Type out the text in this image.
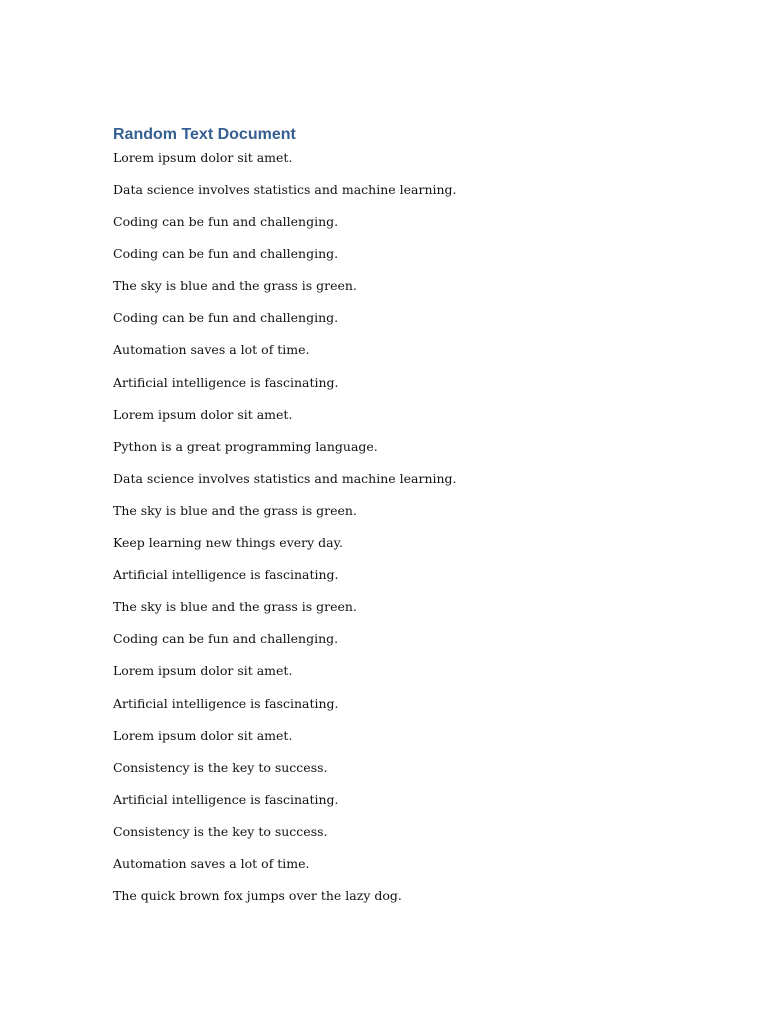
Random Text Document

Lorem ipsum dolor sit amet.

Data science involves statistics and machine learning.

Coding can be fun and challenging.

Coding can be fun and challenging.

The sky is blue and the grass is green.

Coding can be fun and challenging.

Automation saves a lot of time.

Artificial intelligence is fascinating.

Lorem ipsum dolor sit amet.

Python is a great programming language.

Data science involves statistics and machine learning.

The sky is blue and the grass is green.

Keep learning new things every day.

Artificial intelligence is fascinating.

The sky is blue and the grass is green.

Coding can be fun and challenging.

Lorem ipsum dolor sit amet.

Artificial intelligence is fascinating.

Lorem ipsum dolor sit amet.

Consistency is the key to success.

Artificial intelligence is fascinating.

Consistency is the key to success.

Automation saves a lot of time.

The quick brown fox jumps over the lazy dog.
